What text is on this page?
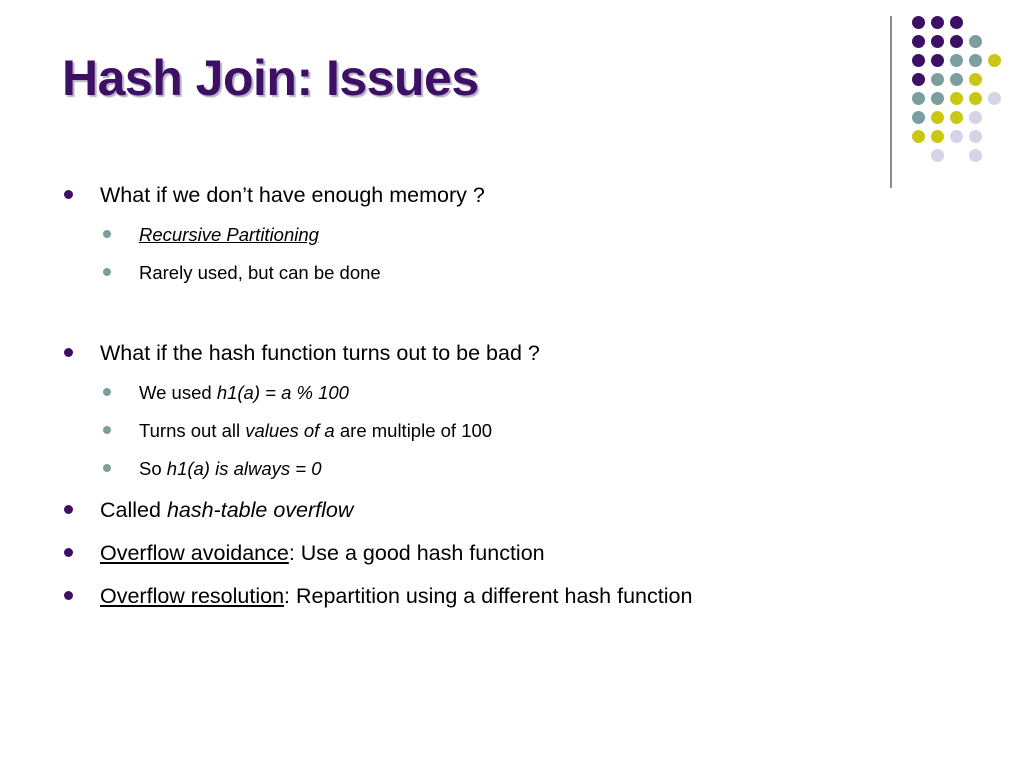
Hash Join: Issues
What if we don’t have enough memory ?
Recursive Partitioning
Rarely used, but can be done
What if the hash function turns out to be bad ?
We used h1(a) = a % 100
Turns out all values of a are multiple of 100
So h1(a) is always = 0
Called hash-table overflow
Overflow avoidance: Use a good hash function
Overflow resolution: Repartition using a different hash function
